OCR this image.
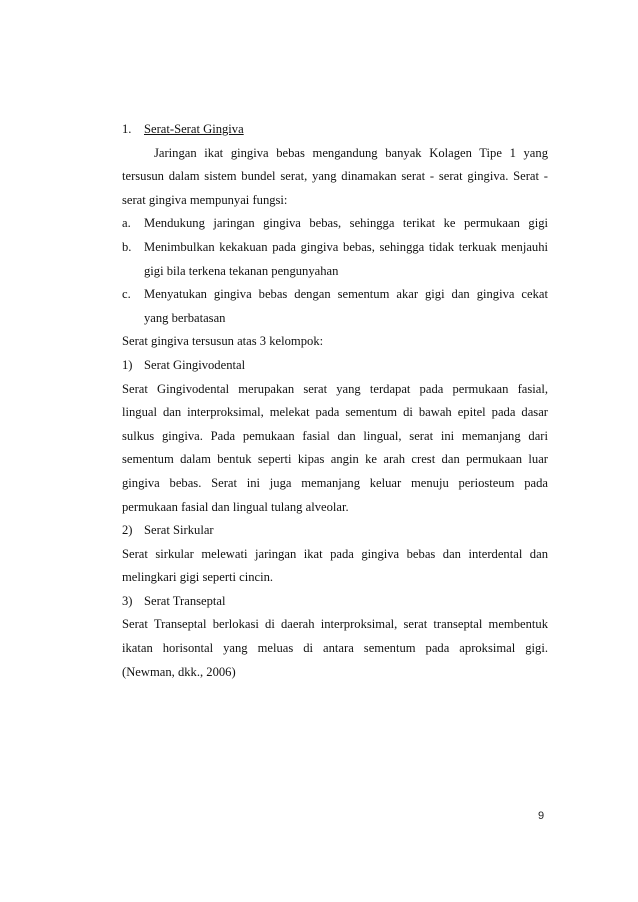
1. Serat-Serat Gingiva
Jaringan ikat gingiva bebas mengandung banyak Kolagen Tipe 1 yang
tersusun dalam sistem bundel serat, yang dinamakan serat - serat gingiva. Serat -
serat gingiva mempunyai fungsi:
a. Mendukung jaringan gingiva bebas, sehingga terikat ke permukaan gigi
b. Menimbulkan kekakuan pada gingiva bebas, sehingga tidak terkuak menjauhi
gigi bila terkena tekanan pengunyahan
c. Menyatukan gingiva bebas dengan sementum akar gigi dan gingiva cekat
yang berbatasan
Serat gingiva tersusun atas 3 kelompok:
1) Serat Gingivodental
Serat Gingivodental merupakan serat yang terdapat pada permukaan fasial,
lingual dan interproksimal, melekat pada sementum di bawah epitel pada dasar
sulkus gingiva. Pada pemukaan fasial dan lingual, serat ini memanjang dari
sementum dalam bentuk seperti kipas angin ke arah crest dan permukaan luar
gingiva bebas. Serat ini juga memanjang keluar menuju periosteum pada
permukaan fasial dan lingual tulang alveolar.
2) Serat Sirkular
Serat sirkular melewati jaringan ikat pada gingiva bebas dan interdental dan
melingkari gigi seperti cincin.
3) Serat Transeptal
Serat Transeptal berlokasi di daerah interproksimal, serat transeptal membentuk
ikatan horisontal yang meluas di antara sementum pada aproksimal gigi.
(Newman, dkk., 2006)
9
